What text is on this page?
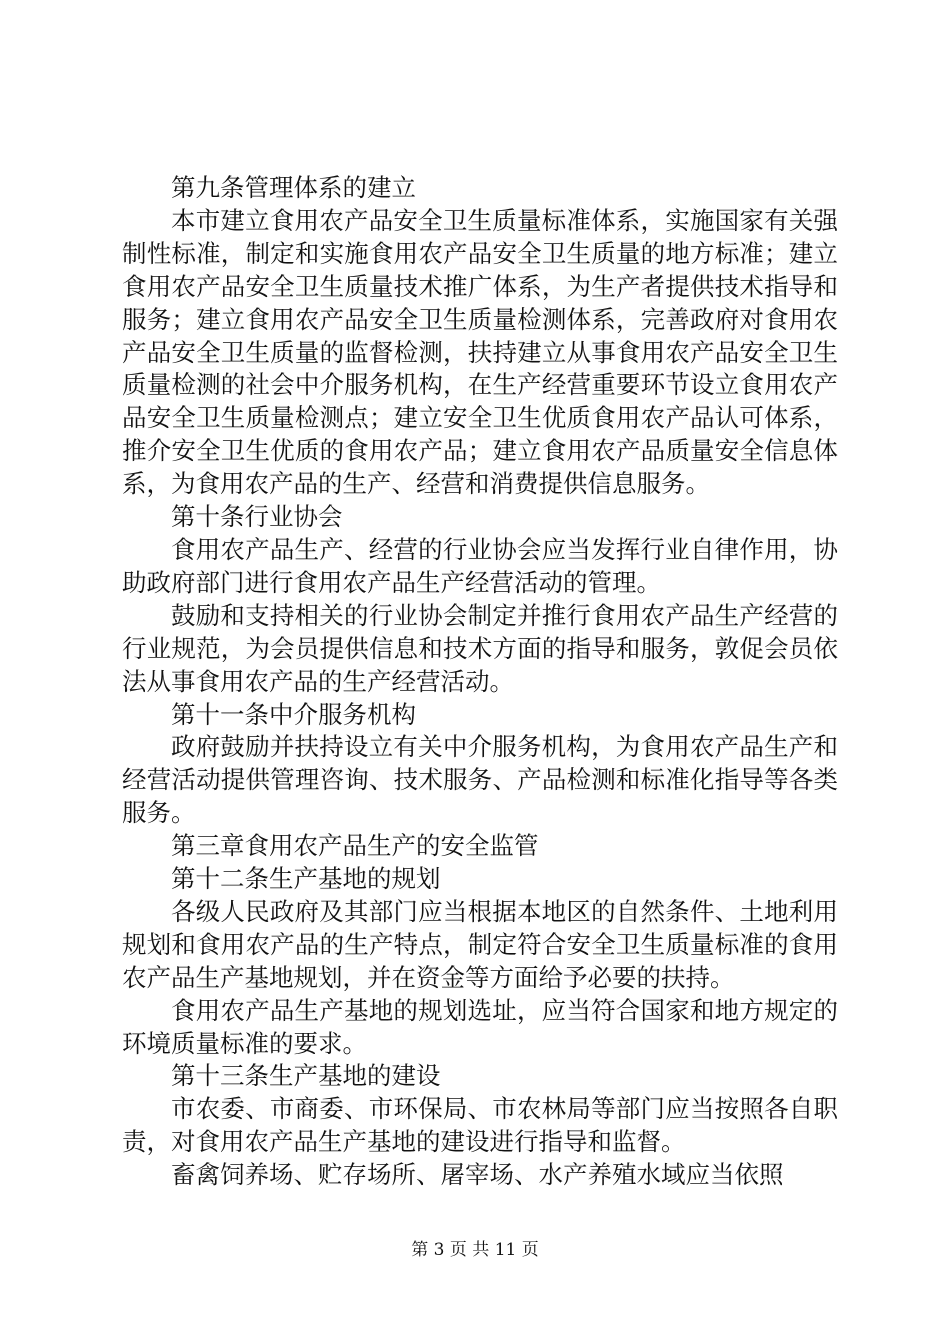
第九条管理体系的建立

本市建立食用农产品安全卫生质量标准体系，实施国家有关强制性标准，制定和实施食用农产品安全卫生质量的地方标准；建立食用农产品安全卫生质量技术推广体系，为生产者提供技术指导和服务；建立食用农产品安全卫生质量检测体系，完善政府对食用农产品安全卫生质量的监督检测，扶持建立从事食用农产品安全卫生质量检测的社会中介服务机构，在生产经营重要环节设立食用农产品安全卫生质量检测点；建立安全卫生优质食用农产品认可体系，推介安全卫生优质的食用农产品；建立食用农产品质量安全信息体系，为食用农产品的生产、经营和消费提供信息服务。

第十条行业协会

食用农产品生产、经营的行业协会应当发挥行业自律作用，协助政府部门进行食用农产品生产经营活动的管理。

鼓励和支持相关的行业协会制定并推行食用农产品生产经营的行业规范，为会员提供信息和技术方面的指导和服务，敦促会员依法从事食用农产品的生产经营活动。

第十一条中介服务机构

政府鼓励并扶持设立有关中介服务机构，为食用农产品生产和经营活动提供管理咨询、技术服务、产品检测和标准化指导等各类服务。

第三章食用农产品生产的安全监管

第十二条生产基地的规划

各级人民政府及其部门应当根据本地区的自然条件、土地利用规划和食用农产品的生产特点，制定符合安全卫生质量标准的食用农产品生产基地规划，并在资金等方面给予必要的扶持。

食用农产品生产基地的规划选址，应当符合国家和地方规定的环境质量标准的要求。

第十三条生产基地的建设

市农委、市商委、市环保局、市农林局等部门应当按照各自职责，对食用农产品生产基地的建设进行指导和监督。

畜禽饲养场、贮存场所、屠宰场、水产养殖水域应当依照

第 3 页 共 11 页
